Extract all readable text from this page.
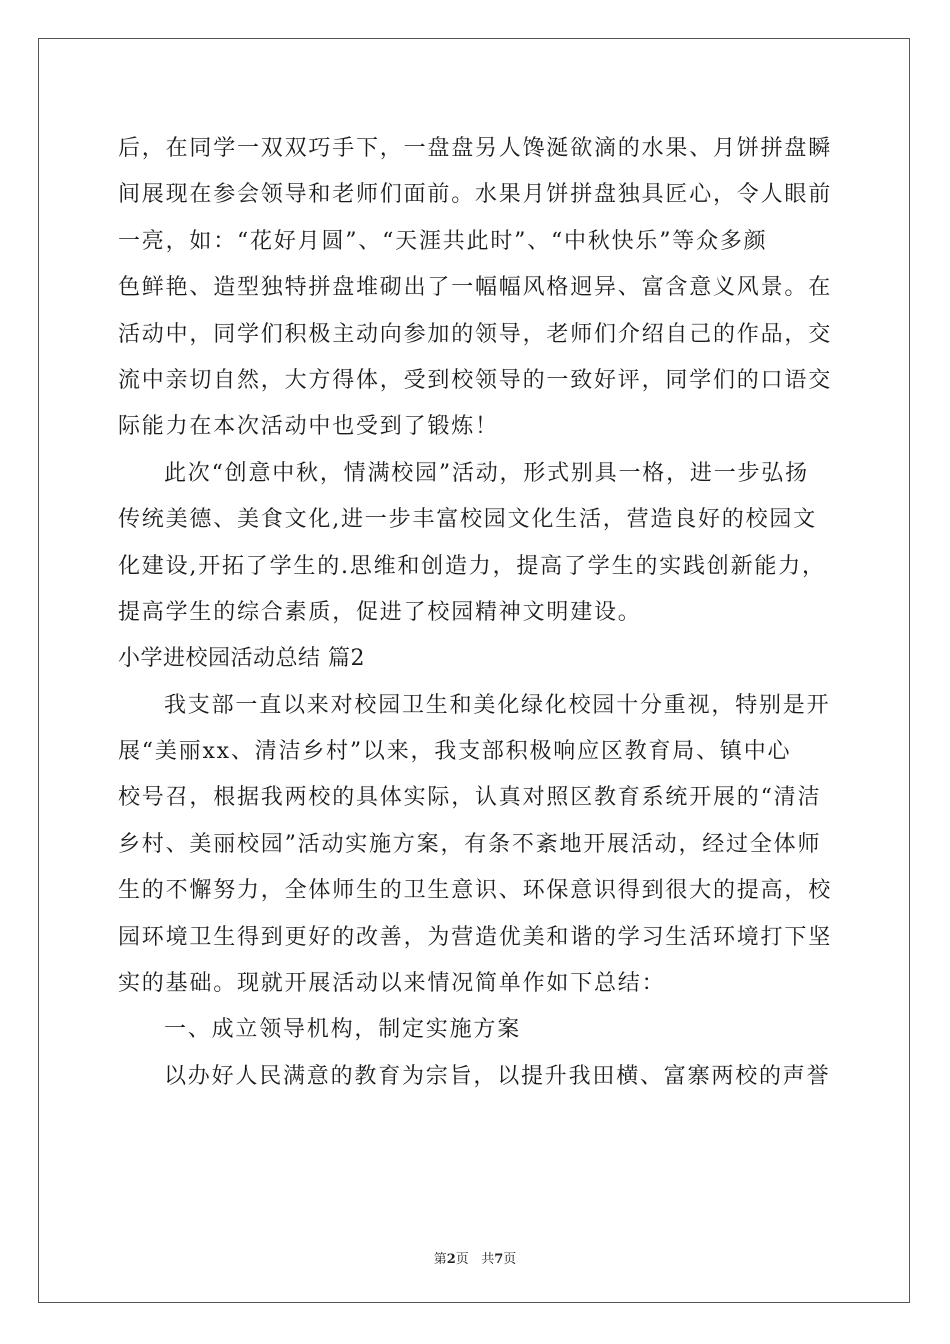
后，在同学一双双巧手下，一盘盘另人馋涎欲滴的水果、月饼拼盘瞬
间展现在参会领导和老师们面前。水果月饼拼盘独具匠心，令人眼前
一亮，如：“花好月圆”、“天涯共此时”、“中秋快乐”等众多颜
色鲜艳、造型独特拼盘堆砌出了一幅幅风格迥异、富含意义风景。在
活动中，同学们积极主动向参加的领导，老师们介绍自己的作品，交
流中亲切自然，大方得体，受到校领导的一致好评，同学们的口语交
际能力在本次活动中也受到了锻炼！
此次“创意中秋，情满校园”活动，形式别具一格，进一步弘扬
传统美德、美食文化,进一步丰富校园文化生活，营造良好的校园文
化建设,开拓了学生的.思维和创造力，提高了学生的实践创新能力，
提高学生的综合素质，促进了校园精神文明建设。
小学进校园活动总结 篇2
我支部一直以来对校园卫生和美化绿化校园十分重视，特别是开
展“美丽xx、清洁乡村”以来，我支部积极响应区教育局、镇中心
校号召，根据我两校的具体实际，认真对照区教育系统开展的“清洁
乡村、美丽校园”活动实施方案，有条不紊地开展活动，经过全体师
生的不懈努力，全体师生的卫生意识、环保意识得到很大的提高，校
园环境卫生得到更好的改善，为营造优美和谐的学习生活环境打下坚
实的基础。现就开展活动以来情况简单作如下总结：
一、成立领导机构，制定实施方案
以办好人民满意的教育为宗旨，以提升我田横、富寨两校的声誉
第2页   共7页
